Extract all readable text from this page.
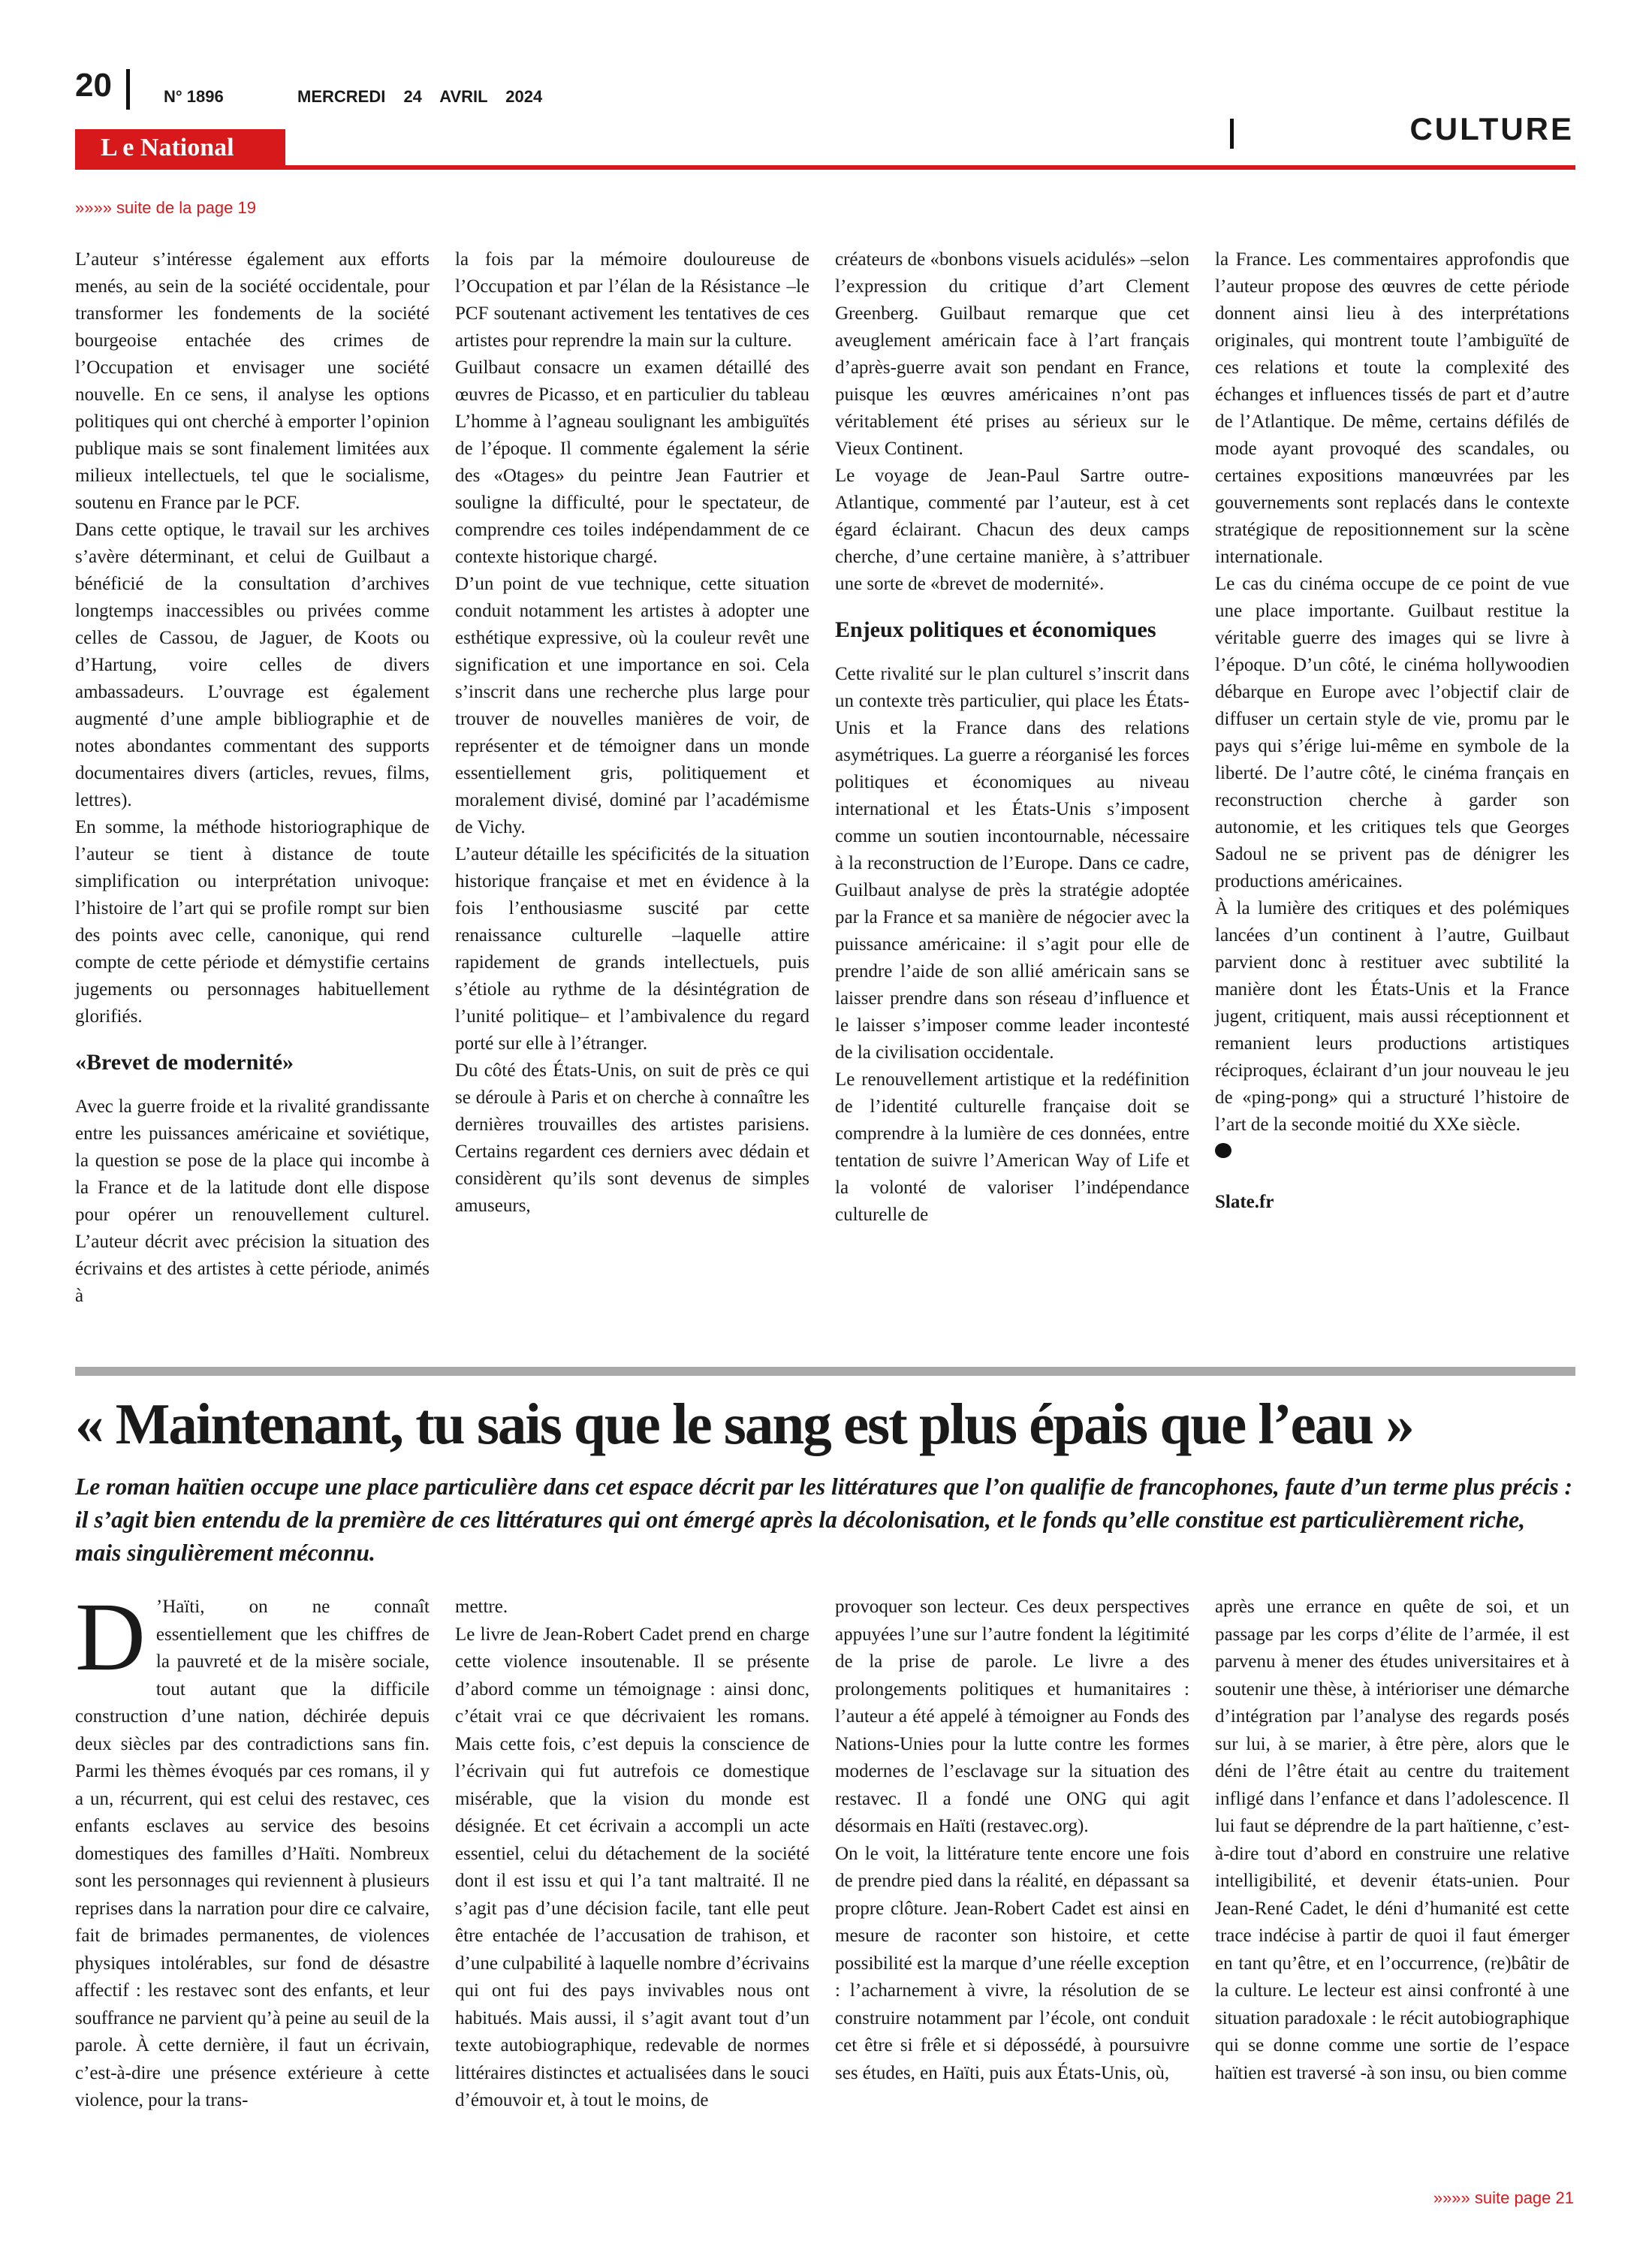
20	N° 1896	MERCREDI 24 AVRIL 2024
CULTURE
L e National
»»»» suite de la page 19

L’auteur s’intéresse également aux efforts menés, au sein de la société occidentale, pour transformer les fondements de la société bourgeoise entachée des crimes de l’Occupation et envisager une société nouvelle. En ce sens, il analyse les options politiques qui ont cherché à emporter l’opinion publique mais se sont finalement limitées aux milieux intellectuels, tel que le socialisme, soutenu en France par le PCF.

Dans cette optique, le travail sur les archives s’avère déterminant, et celui de Guilbaut a bénéficié de la consultation d’archives longtemps inaccessibles ou privées comme celles de Cassou, de Jaguer, de Koots ou d’Hartung, voire celles de divers ambassadeurs. L’ouvrage est également augmenté d’une ample bibliographie et de notes abondantes commentant des supports documentaires divers (articles, revues, films, lettres).

En somme, la méthode historiographique de l’auteur se tient à distance de toute simplification ou interprétation univoque: l’histoire de l’art qui se profile rompt sur bien des points avec celle, canonique, qui rend compte de cette période et démystifie certains jugements ou personnages habituellement glorifiés.

«Brevet de modernité»

Avec la guerre froide et la rivalité grandissante entre les puissances américaine et soviétique, la question se pose de la place qui incombe à la France et de la latitude dont elle dispose pour opérer un renouvellement culturel. L’auteur décrit avec précision la situation des écrivains et des artistes à cette période, animés à

la fois par la mémoire douloureuse de l’Occupation et par l’élan de la Résistance –le PCF soutenant activement les tentatives de ces artistes pour reprendre la main sur la culture.

Guilbaut consacre un examen détaillé des œuvres de Picasso, et en particulier du tableau L’homme à l’agneau soulignant les ambiguïtés de l’époque. Il commente également la série des «Otages» du peintre Jean Fautrier et souligne la difficulté, pour le spectateur, de comprendre ces toiles indépendamment de ce contexte historique chargé.

D’un point de vue technique, cette situation conduit notamment les artistes à adopter une esthétique expressive, où la couleur revêt une signification et une importance en soi. Cela s’inscrit dans une recherche plus large pour trouver de nouvelles manières de voir, de représenter et de témoigner dans un monde essentiellement gris, politiquement et moralement divisé, dominé par l’académisme de Vichy.

L’auteur détaille les spécificités de la situation historique française et met en évidence à la fois l’enthousiasme suscité par cette renaissance culturelle –laquelle attire rapidement de grands intellectuels, puis s’étiole au rythme de la désintégration de l’unité politique– et l’ambivalence du regard porté sur elle à l’étranger.

Du côté des États-Unis, on suit de près ce qui se déroule à Paris et on cherche à connaître les dernières trouvailles des artistes parisiens. Certains regardent ces derniers avec dédain et considèrent qu’ils sont devenus de simples amuseurs,

créateurs de «bonbons visuels acidulés» –selon l’expression du critique d’art Clement Greenberg. Guilbaut remarque que cet aveuglement américain face à l’art français d’après-guerre avait son pendant en France, puisque les œuvres américaines n’ont pas véritablement été prises au sérieux sur le Vieux Continent.

Le voyage de Jean-Paul Sartre outre-Atlantique, commenté par l’auteur, est à cet égard éclairant. Chacun des deux camps cherche, d’une certaine manière, à s’attribuer une sorte de «brevet de modernité».

Enjeux politiques et économiques

Cette rivalité sur le plan culturel s’inscrit dans un contexte très particulier, qui place les États-Unis et la France dans des relations asymétriques. La guerre a réorganisé les forces politiques et économiques au niveau international et les États-Unis s’imposent comme un soutien incontournable, nécessaire à la reconstruction de l’Europe. Dans ce cadre, Guilbaut analyse de près la stratégie adoptée par la France et sa manière de négocier avec la puissance américaine: il s’agit pour elle de prendre l’aide de son allié américain sans se laisser prendre dans son réseau d’influence et le laisser s’imposer comme leader incontesté de la civilisation occidentale.

Le renouvellement artistique et la redéfinition de l’identité culturelle française doit se comprendre à la lumière de ces données, entre tentation de suivre l’American Way of Life et la volonté de valoriser l’indépendance culturelle de

la France. Les commentaires approfondis que l’auteur propose des œuvres de cette période donnent ainsi lieu à des interprétations originales, qui montrent toute l’ambiguïté de ces relations et toute la complexité des échanges et influences tissés de part et d’autre de l’Atlantique. De même, certains défilés de mode ayant provoqué des scandales, ou certaines expositions manœuvrées par les gouvernements sont replacés dans le contexte stratégique de repositionnement sur la scène internationale.

Le cas du cinéma occupe de ce point de vue une place importante. Guilbaut restitue la véritable guerre des images qui se livre à l’époque. D’un côté, le cinéma hollywoodien débarque en Europe avec l’objectif clair de diffuser un certain style de vie, promu par le pays qui s’érige lui-même en symbole de la liberté. De l’autre côté, le cinéma français en reconstruction cherche à garder son autonomie, et les critiques tels que Georges Sadoul ne se privent pas de dénigrer les productions américaines.

À la lumière des critiques et des polémiques lancées d’un continent à l’autre, Guilbaut parvient donc à restituer avec subtilité la manière dont les États-Unis et la France jugent, critiquent, mais aussi réceptionnent et remanient leurs productions artistiques réciproques, éclairant d’un jour nouveau le jeu de «ping-pong» qui a structuré l’histoire de l’art de la seconde moitié du XXe siècle.

Slate.fr

« Maintenant, tu sais que le sang est plus épais que l’eau »
Le roman haïtien occupe une place particulière dans cet espace décrit par les littératures que l’on qualifie de francophones, faute d’un terme plus précis : il s’agit bien entendu de la première de ces littératures qui ont émergé après la décolonisation, et le fonds qu’elle constitue est particulièrement riche, mais singulièrement méconnu.

D ’Haïti, on ne connaît essentiellement que les chiffres de la pauvreté et de la misère sociale, tout autant que la difficile construction d’une nation, déchirée depuis deux siècles par des contradictions sans fin. Parmi les thèmes évoqués par ces romans, il y a un, récurrent, qui est celui des restavec, ces enfants esclaves au service des besoins domestiques des familles d’Haïti. Nombreux sont les personnages qui reviennent à plusieurs reprises dans la narration pour dire ce calvaire, fait de brimades permanentes, de violences physiques intolérables, sur fond de désastre affectif : les restavec sont des enfants, et leur souffrance ne parvient qu’à peine au seuil de la parole. À cette dernière, il faut un écrivain, c’est-à-dire une présence extérieure à cette violence, pour la trans-

mettre.

Le livre de Jean-Robert Cadet prend en charge cette violence insoutenable. Il se présente d’abord comme un témoignage : ainsi donc, c’était vrai ce que décrivaient les romans. Mais cette fois, c’est depuis la conscience de l’écrivain qui fut autrefois ce domestique misérable, que la vision du monde est désignée. Et cet écrivain a accompli un acte essentiel, celui du détachement de la société dont il est issu et qui l’a tant maltraité. Il ne s’agit pas d’une décision facile, tant elle peut être entachée de l’accusation de trahison, et d’une culpabilité à laquelle nombre d’écrivains qui ont fui des pays invivables nous ont habitués. Mais aussi, il s’agit avant tout d’un texte autobiographique, redevable de normes littéraires distinctes et actualisées dans le souci d’émouvoir et, à tout le moins, de

provoquer son lecteur. Ces deux perspectives appuyées l’une sur l’autre fondent la légitimité de la prise de parole. Le livre a des prolongements politiques et humanitaires : l’auteur a été appelé à témoigner au Fonds des Nations-Unies pour la lutte contre les formes modernes de l’esclavage sur la situation des restavec. Il a fondé une ONG qui agit désormais en Haïti (restavec.org).

On le voit, la littérature tente encore une fois de prendre pied dans la réalité, en dépassant sa propre clôture. Jean-Robert Cadet est ainsi en mesure de raconter son histoire, et cette possibilité est la marque d’une réelle exception : l’acharnement à vivre, la résolution de se construire notamment par l’école, ont conduit cet être si frêle et si dépossédé, à poursuivre ses études, en Haïti, puis aux États-Unis, où,

après une errance en quête de soi, et un passage par les corps d’élite de l’armée, il est parvenu à mener des études universitaires et à soutenir une thèse, à intérioriser une démarche d’intégration par l’analyse des regards posés sur lui, à se marier, à être père, alors que le déni de l’être était au centre du traitement infligé dans l’enfance et dans l’adolescence. Il lui faut se déprendre de la part haïtienne, c’est-à-dire tout d’abord en construire une relative intelligibilité, et devenir états-unien. Pour Jean-René Cadet, le déni d’humanité est cette trace indécise à partir de quoi il faut émerger en tant qu’être, et en l’occurrence, (re)bâtir de la culture. Le lecteur est ainsi confronté à une situation paradoxale : le récit autobiographique qui se donne comme une sortie de l’espace haïtien est traversé -à son insu, ou bien comme

»»»» suite page 21
